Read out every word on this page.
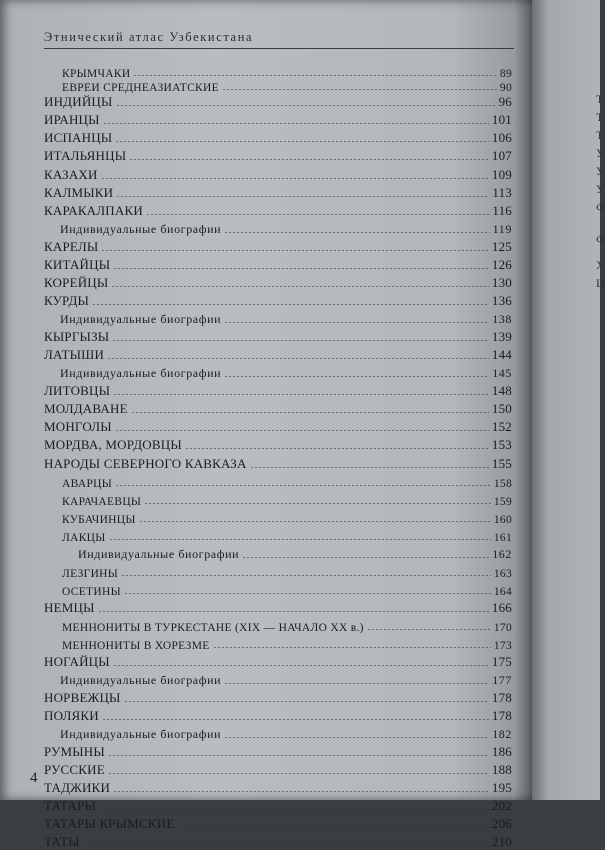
Этнический атлас Узбекистана
КРЫМЧАКИ	89
ЕВРЕИ СРЕДНЕАЗИАТСКИЕ	90
ИНДИЙЦЫ	96
ИРАНЦЫ	101
ИСПАНЦЫ	106
ИТАЛЬЯНЦЫ	107
КАЗАХИ	109
КАЛМЫКИ	113
КАРАКАЛПАКИ	116
Индивидуальные биографии	119
КАРЕЛЫ	125
КИТАЙЦЫ	126
КОРЕЙЦЫ	130
КУРДЫ	136
Индивидуальные биографии	138
КЫРГЫЗЫ	139
ЛАТЫШИ	144
Индивидуальные биографии	145
ЛИТОВЦЫ	148
МОЛДАВАНЕ	150
МОНГОЛЫ	152
МОРДВА, МОРДОВЦЫ	153
НАРОДЫ СЕВЕРНОГО КАВКАЗА	155
АВАРЦЫ	158
КАРАЧАЕВЦЫ	159
КУБАЧИНЦЫ	160
ЛАКЦЫ	161
Индивидуальные биографии	162
ЛЕЗГИНЫ	163
ОСЕТИНЫ	164
НЕМЦЫ	166
МЕННОНИТЫ В ТУРКЕСТАНЕ (XIX — НАЧАЛО XX в.)	170
МЕННОНИТЫ В ХОРЕЗМЕ	173
НОГАЙЦЫ	175
Индивидуальные биографии	177
НОРВЕЖЦЫ	178
ПОЛЯКИ	178
Индивидуальные биографии	182
РУМЫНЫ	186
РУССКИЕ	188
ТАДЖИКИ	195
ТАТАРЫ	202
ТАТАРЫ КРЫМСКИЕ	206
ТАТЫ	210
4
Т
Т
Т
У
У
У
Ф
Ф
Х
Ц
